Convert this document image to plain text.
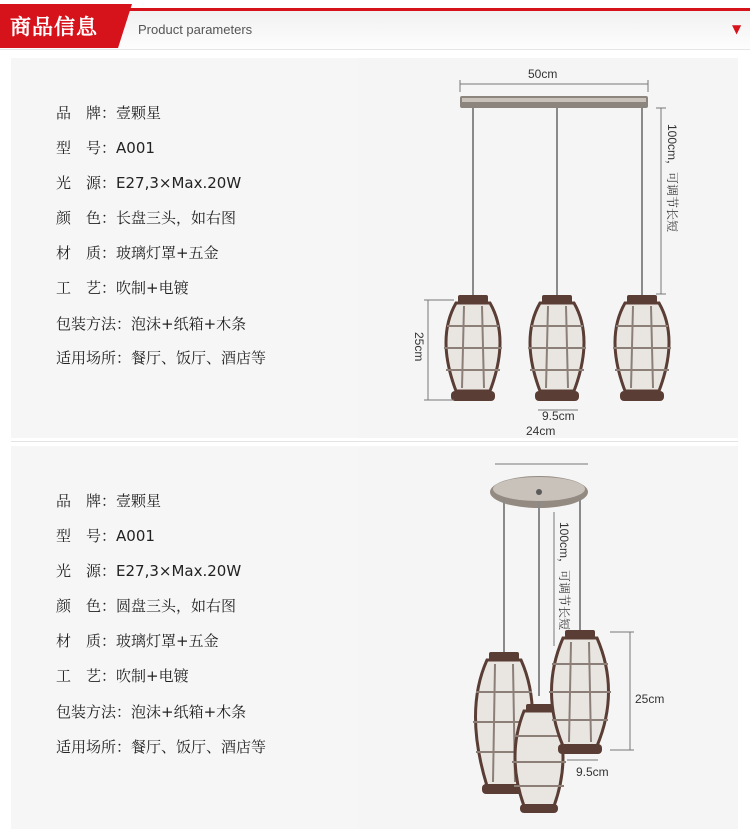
商品信息	Product parameters	▼
50cm
100cm，可调节长短
25cm
9.5cm
24cm
品　牌：壹颗星
型　号：A001
光　源：E27,3×Max.20W
颜　色：长盘三头，如右图
材　质：玻璃灯罩+五金
工　艺：吹制+电镀
包装方法：泡沫+纸箱+木条
适用场所：餐厅、饭厅、酒店等
100cm，可调节长短
25cm
9.5cm
品　牌：壹颗星
型　号：A001
光　源：E27,3×Max.20W
颜　色：圆盘三头，如右图
材　质：玻璃灯罩+五金
工　艺：吹制+电镀
包装方法：泡沫+纸箱+木条
适用场所：餐厅、饭厅、酒店等
